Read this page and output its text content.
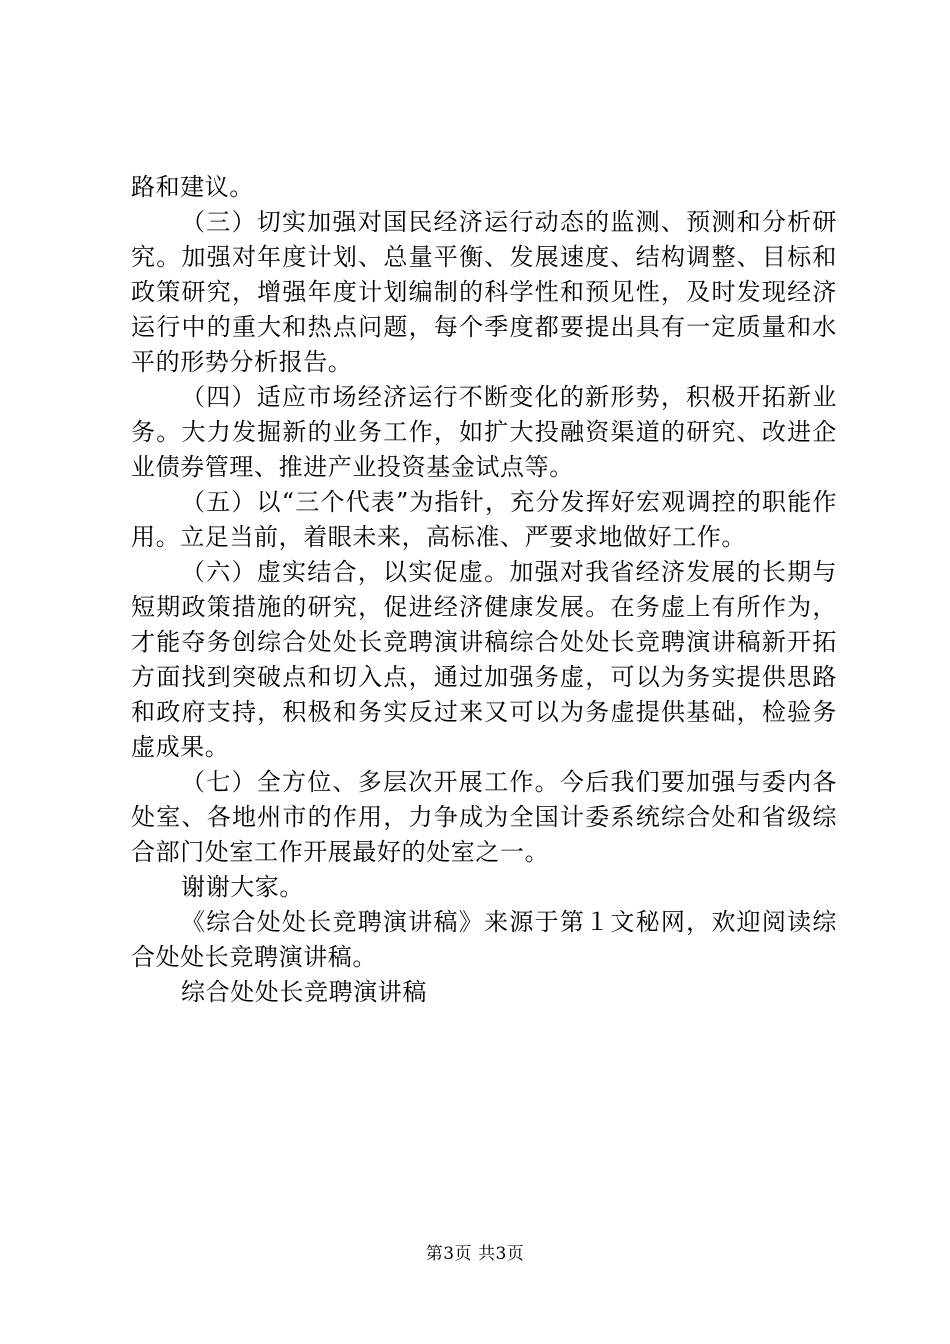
路和建议。

（三）切实加强对国民经济运行动态的监测、预测和分析研究。加强对年度计划、总量平衡、发展速度、结构调整、目标和政策研究，增强年度计划编制的科学性和预见性，及时发现经济运行中的重大和热点问题，每个季度都要提出具有一定质量和水平的形势分析报告。

（四）适应市场经济运行不断变化的新形势，积极开拓新业务。大力发掘新的业务工作，如扩大投融资渠道的研究、改进企业债券管理、推进产业投资基金试点等。

（五）以“三个代表”为指针，充分发挥好宏观调控的职能作用。立足当前，着眼未来，高标准、严要求地做好工作。

（六）虚实结合，以实促虚。加强对我省经济发展的长期与短期政策措施的研究，促进经济健康发展。在务虚上有所作为，才能夺务创综合处处长竞聘演讲稿综合处处长竞聘演讲稿新开拓方面找到突破点和切入点，通过加强务虚，可以为务实提供思路和政府支持，积极和务实反过来又可以为务虚提供基础，检验务虚成果。

（七）全方位、多层次开展工作。今后我们要加强与委内各处室、各地州市的作用，力争成为全国计委系统综合处和省级综合部门处室工作开展最好的处室之一。

谢谢大家。

《综合处处长竞聘演讲稿》来源于第１文秘网，欢迎阅读综合处处长竞聘演讲稿。

综合处处长竞聘演讲稿

第3页 共3页
